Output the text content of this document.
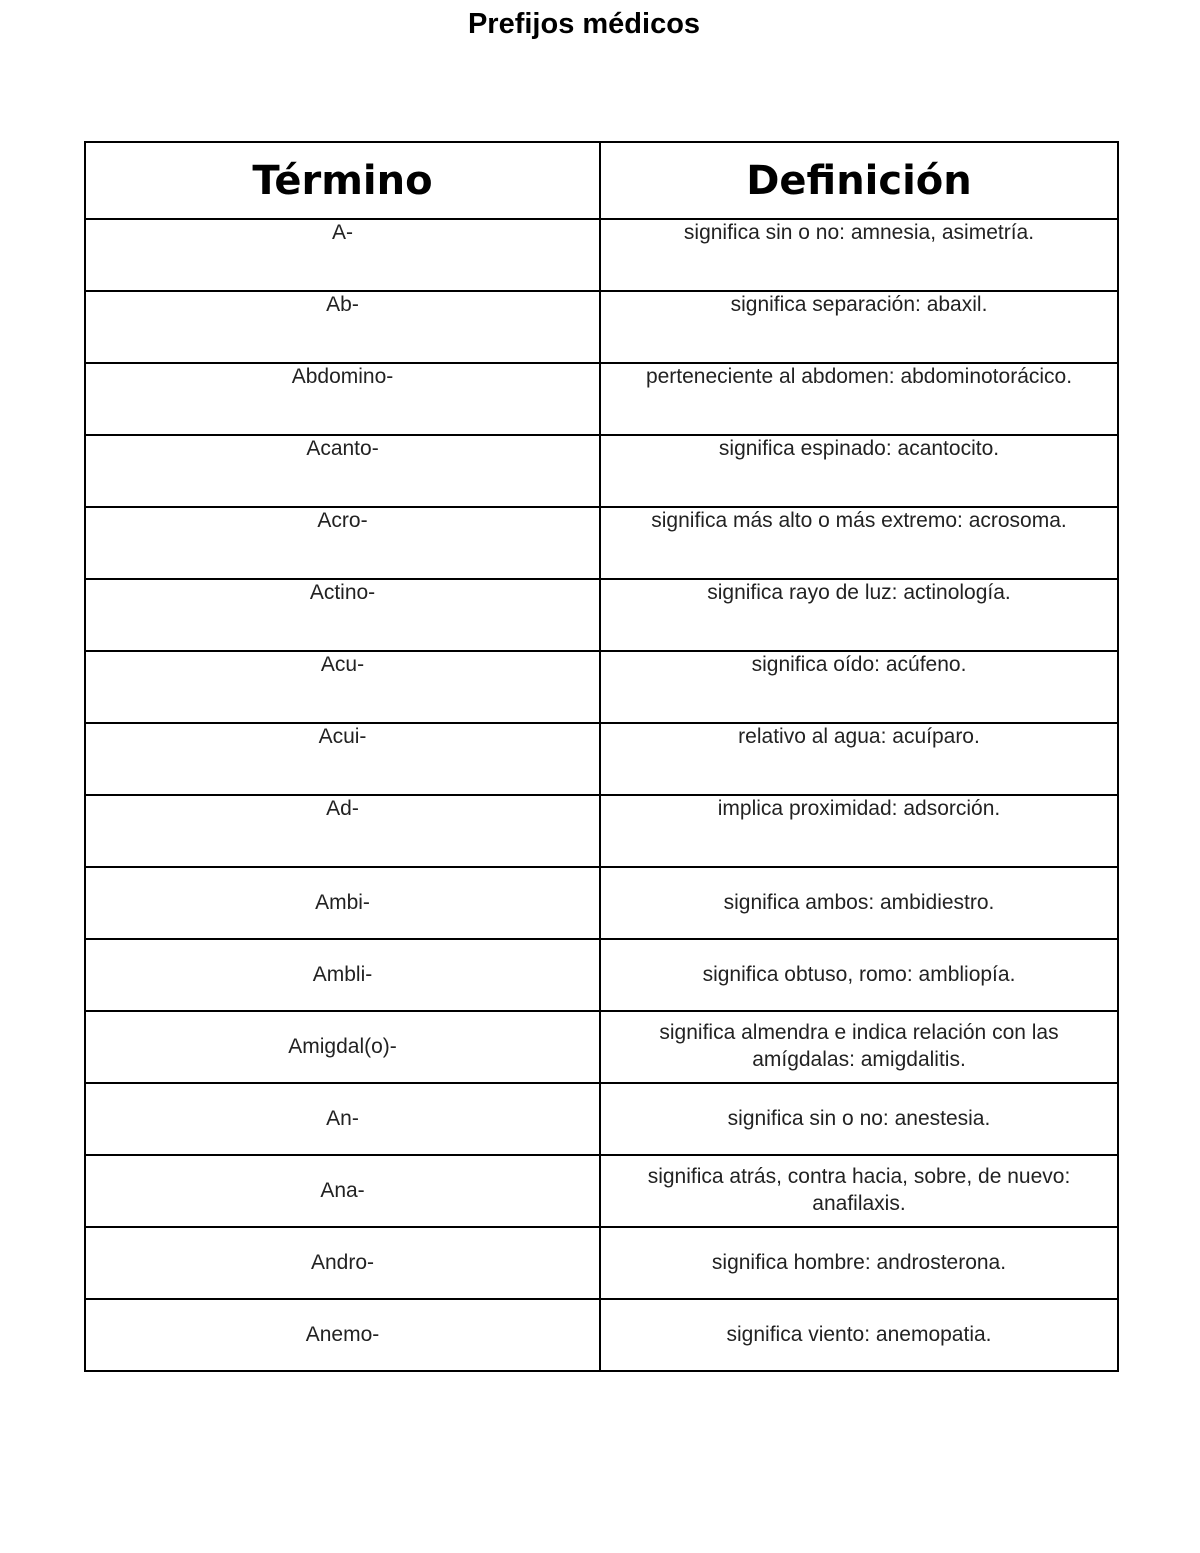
Prefijos médicos
Término	Definición
A-	significa sin o no: amnesia, asimetría.
Ab-	significa separación: abaxil.
Abdomino-	perteneciente al abdomen: abdominotorácico.
Acanto-	significa espinado: acantocito.
Acro-	significa más alto o más extremo: acrosoma.
Actino-	significa rayo de luz: actinología.
Acu-	significa oído: acúfeno.
Acui-	relativo al agua: acuíparo.
Ad-	implica proximidad: adsorción.
Ambi-	significa ambos: ambidiestro.
Ambli-	significa obtuso, romo: ambliopía.
Amigdal(o)-	significa almendra e indica relación con las amígdalas: amigdalitis.
An-	significa sin o no: anestesia.
Ana-	significa atrás, contra hacia, sobre, de nuevo: anafilaxis.
Andro-	significa hombre: androsterona.
Anemo-	significa viento: anemopatia.
